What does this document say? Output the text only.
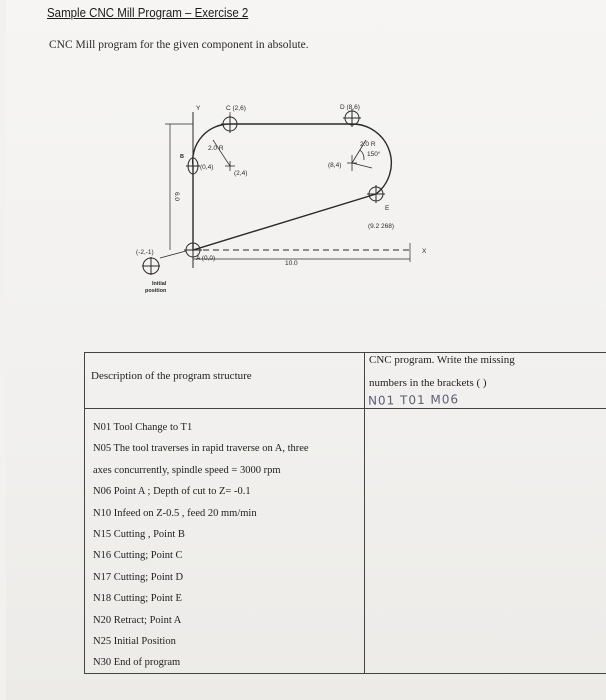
Sample CNC Mill Program – Exercise 2
CNC Mill program for the given component in absolute.
Y
X
C (2,6)	D (8,6)
B
(0,4)
2.0 R
(2,4)
2.0 R
150°
(8,4)
E
(9.2 268)
A (0,0)
10.0
6.0
(-2,-1)
Initial
position
Description of the program structure
CNC program. Write the missing
numbers in the brackets ( )
N01 T01 M06
N01 Tool Change to T1
N05 The tool traverses in rapid traverse on A, three
axes concurrently, spindle speed = 3000 rpm
N06 Point A ; Depth of cut to Z= -0.1
N10 Infeed on Z-0.5 , feed 20 mm/min
N15 Cutting , Point B
N16 Cutting; Point C
N17 Cutting; Point D
N18 Cutting; Point E
N20 Retract; Point A
N25 Initial Position
N30 End of program
